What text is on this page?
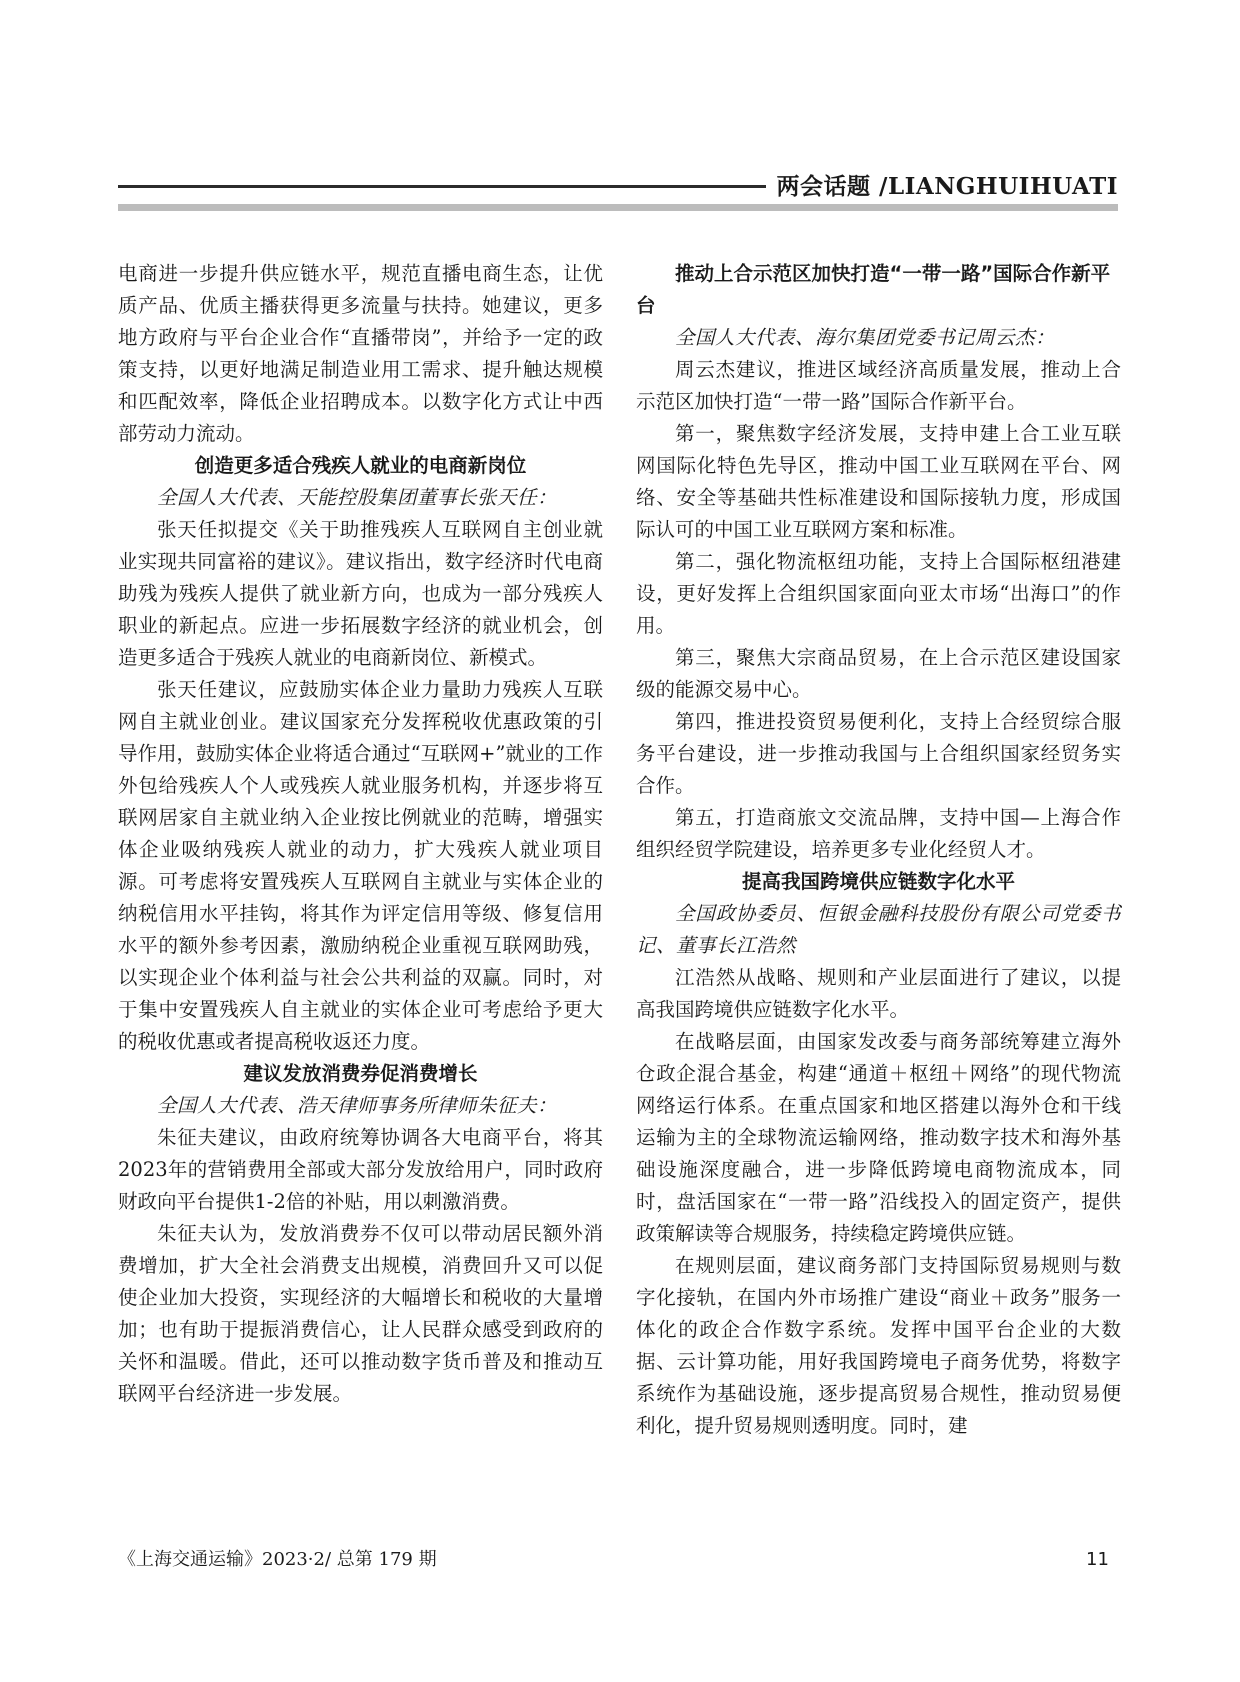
两会话题 /LIANGHUIHUATI

电商进一步提升供应链水平，规范直播电商生态，让优质产品、优质主播获得更多流量与扶持。她建议，更多地方政府与平台企业合作“直播带岗”，并给予一定的政策支持，以更好地满足制造业用工需求、提升触达规模和匹配效率，降低企业招聘成本。以数字化方式让中西部劳动力流动。

创造更多适合残疾人就业的电商新岗位

全国人大代表、天能控股集团董事长张天任：

张天任拟提交《关于助推残疾人互联网自主创业就业实现共同富裕的建议》。建议指出，数字经济时代电商助残为残疾人提供了就业新方向，也成为一部分残疾人职业的新起点。应进一步拓展数字经济的就业机会，创造更多适合于残疾人就业的电商新岗位、新模式。

张天任建议，应鼓励实体企业力量助力残疾人互联网自主就业创业。建议国家充分发挥税收优惠政策的引导作用，鼓励实体企业将适合通过“互联网+”就业的工作外包给残疾人个人或残疾人就业服务机构，并逐步将互联网居家自主就业纳入企业按比例就业的范畴，增强实体企业吸纳残疾人就业的动力，扩大残疾人就业项目源。可考虑将安置残疾人互联网自主就业与实体企业的纳税信用水平挂钩，将其作为评定信用等级、修复信用水平的额外参考因素，激励纳税企业重视互联网助残，以实现企业个体利益与社会公共利益的双赢。同时，对于集中安置残疾人自主就业的实体企业可考虑给予更大的税收优惠或者提高税收返还力度。

建议发放消费券促消费增长

全国人大代表、浩天律师事务所律师朱征夫：

朱征夫建议，由政府统筹协调各大电商平台，将其2023年的营销费用全部或大部分发放给用户，同时政府财政向平台提供1-2倍的补贴，用以刺激消费。

朱征夫认为，发放消费券不仅可以带动居民额外消费增加，扩大全社会消费支出规模，消费回升又可以促使企业加大投资，实现经济的大幅增长和税收的大量增加；也有助于提振消费信心，让人民群众感受到政府的关怀和温暖。借此，还可以推动数字货币普及和推动互联网平台经济进一步发展。

推动上合示范区加快打造“一带一路”国际合作新平台

全国人大代表、海尔集团党委书记周云杰：

周云杰建议，推进区域经济高质量发展，推动上合示范区加快打造“一带一路”国际合作新平台。

第一，聚焦数字经济发展，支持申建上合工业互联网国际化特色先导区，推动中国工业互联网在平台、网络、安全等基础共性标准建设和国际接轨力度，形成国际认可的中国工业互联网方案和标准。

第二，强化物流枢纽功能，支持上合国际枢纽港建设，更好发挥上合组织国家面向亚太市场“出海口”的作用。

第三，聚焦大宗商品贸易，在上合示范区建设国家级的能源交易中心。

第四，推进投资贸易便利化，支持上合经贸综合服务平台建设，进一步推动我国与上合组织国家经贸务实合作。

第五，打造商旅文交流品牌，支持中国—上海合作组织经贸学院建设，培养更多专业化经贸人才。

提高我国跨境供应链数字化水平

全国政协委员、恒银金融科技股份有限公司党委书记、董事长江浩然

江浩然从战略、规则和产业层面进行了建议，以提高我国跨境供应链数字化水平。

在战略层面，由国家发改委与商务部统筹建立海外仓政企混合基金，构建“通道＋枢纽＋网络”的现代物流网络运行体系。在重点国家和地区搭建以海外仓和干线运输为主的全球物流运输网络，推动数字技术和海外基础设施深度融合，进一步降低跨境电商物流成本，同时，盘活国家在“一带一路”沿线投入的固定资产，提供政策解读等合规服务，持续稳定跨境供应链。

在规则层面，建议商务部门支持国际贸易规则与数字化接轨，在国内外市场推广建设“商业＋政务”服务一体化的政企合作数字系统。发挥中国平台企业的大数据、云计算功能，用好我国跨境电子商务优势，将数字系统作为基础设施，逐步提高贸易合规性，推动贸易便利化，提升贸易规则透明度。同时，建

《上海交通运输》2023·2/ 总第 179 期	11
